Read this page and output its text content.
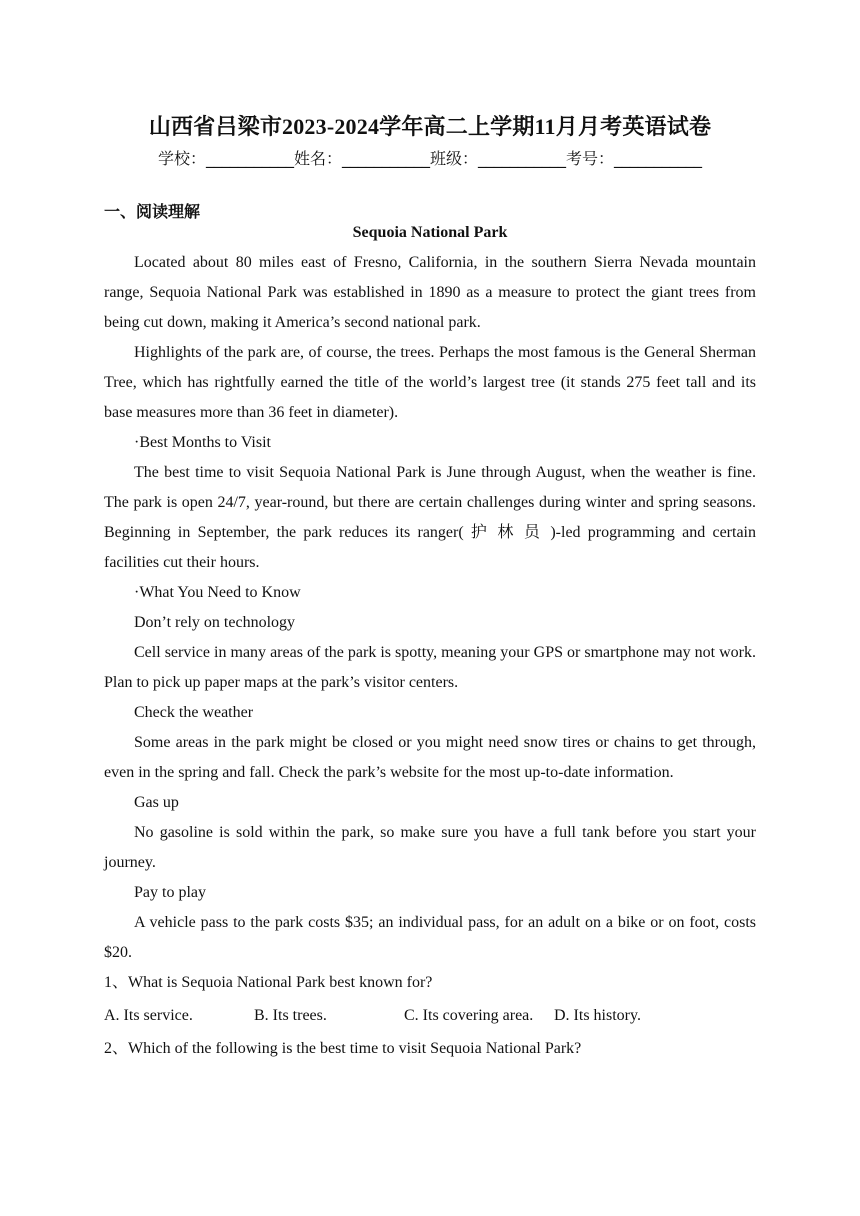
山西省吕梁市2023-2024学年高二上学期11月月考英语试卷
学校：___________姓名：___________班级：___________考号：___________
一、阅读理解

Sequoia National Park

Located about 80 miles east of Fresno, California, in the southern Sierra Nevada mountain range, Sequoia National Park was established in 1890 as a measure to protect the giant trees from being cut down, making it America’s second national park.

Highlights of the park are, of course, the trees. Perhaps the most famous is the General Sherman Tree, which has rightfully earned the title of the world’s largest tree (it stands 275 feet tall and its base measures more than 36 feet in diameter).

·Best Months to Visit

The best time to visit Sequoia National Park is June through August, when the weather is fine. The park is open 24/7, year-round, but there are certain challenges during winter and spring seasons. Beginning in September, the park reduces its ranger( 护 林 员 )-led programming and certain facilities cut their hours.

·What You Need to Know

Don’t rely on technology

Cell service in many areas of the park is spotty, meaning your GPS or smartphone may not work. Plan to pick up paper maps at the park’s visitor centers.

Check the weather

Some areas in the park might be closed or you might need snow tires or chains to get through, even in the spring and fall. Check the park’s website for the most up-to-date information.

Gas up

No gasoline is sold within the park, so make sure you have a full tank before you start your journey.

Pay to play

A vehicle pass to the park costs $35; an individual pass, for an adult on a bike or on foot, costs $20.

1、What is Sequoia National Park best known for?

A. Its service.	B. Its trees.	C. Its covering area.	D. Its history.

2、Which of the following is the best time to visit Sequoia National Park?
